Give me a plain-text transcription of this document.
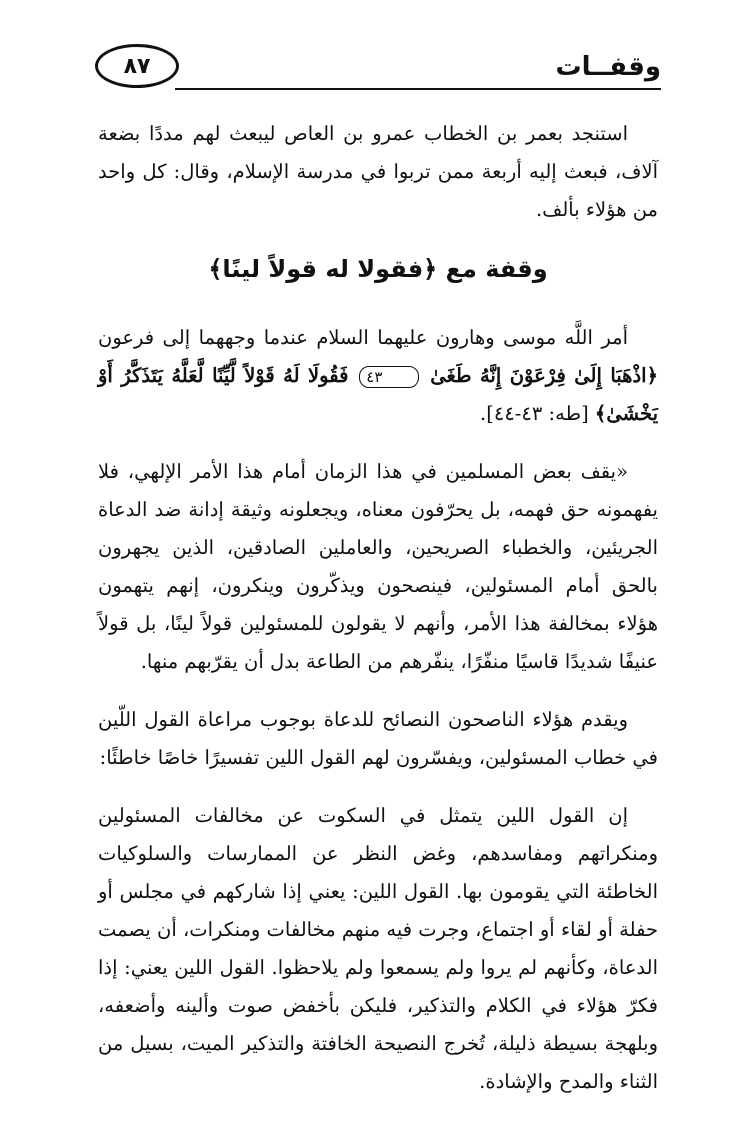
وقفــات
٨٧

استنجد بعمر بن الخطاب عمرو بن العاص ليبعث لهم مددًا بضعة آلاف، فبعث إليه أربعة ممن تربوا في مدرسة الإسلام، وقال: كل واحد من هؤلاء بألف.

وقفة مع ﴿فقولا له قولاً لينًا﴾

أمر اللَّه موسى وهارون عليهما السلام عندما وجههما إلى فرعون ﴿اذْهَبَا إِلَىٰ فِرْعَوْنَ إِنَّهُ طَغَىٰ ٤٣ فَقُولَا لَهُ قَوْلاً لَّيِّنًا لَّعَلَّهُ يَتَذَكَّرُ أَوْ يَخْشَىٰ﴾ [طه: ٤٣-٤٤].

«يقف بعض المسلمين في هذا الزمان أمام هذا الأمر الإلهي، فلا يفهمونه حق فهمه، بل يحرّفون معناه، ويجعلونه وثيقة إدانة ضد الدعاة الجريئين، والخطباء الصريحين، والعاملين الصادقين، الذين يجهرون بالحق أمام المسئولين، فينصحون ويذكّرون وينكرون، إنهم يتهمون هؤلاء بمخالفة هذا الأمر، وأنهم لا يقولون للمسئولين قولاً لينًا، بل قولاً عنيفًا شديدًا قاسيًا منفّرًا، ينفّرهم من الطاعة بدل أن يقرّبهم منها.

ويقدم هؤلاء الناصحون النصائح للدعاة بوجوب مراعاة القول اللّين في خطاب المسئولين، ويفسّرون لهم القول اللين تفسيرًا خاصًا خاطئًا:

إن القول اللين يتمثل في السكوت عن مخالفات المسئولين ومنكراتهم ومفاسدهم، وغض النظر عن الممارسات والسلوكيات الخاطئة التي يقومون بها. القول اللين: يعني إذا شاركهم في مجلس أو حفلة أو لقاء أو اجتماع، وجرت فيه منهم مخالفات ومنكرات، أن يصمت الدعاة، وكأنهم لم يروا ولم يسمعوا ولم يلاحظوا. القول اللين يعني: إذا فكرّ هؤلاء في الكلام والتذكير، فليكن بأخفض صوت وألينه وأضعفه، وبلهجة بسيطة ذليلة، تُخرج النصيحة الخافتة والتذكير الميت، بسيل من الثناء والمدح والإشادة.
